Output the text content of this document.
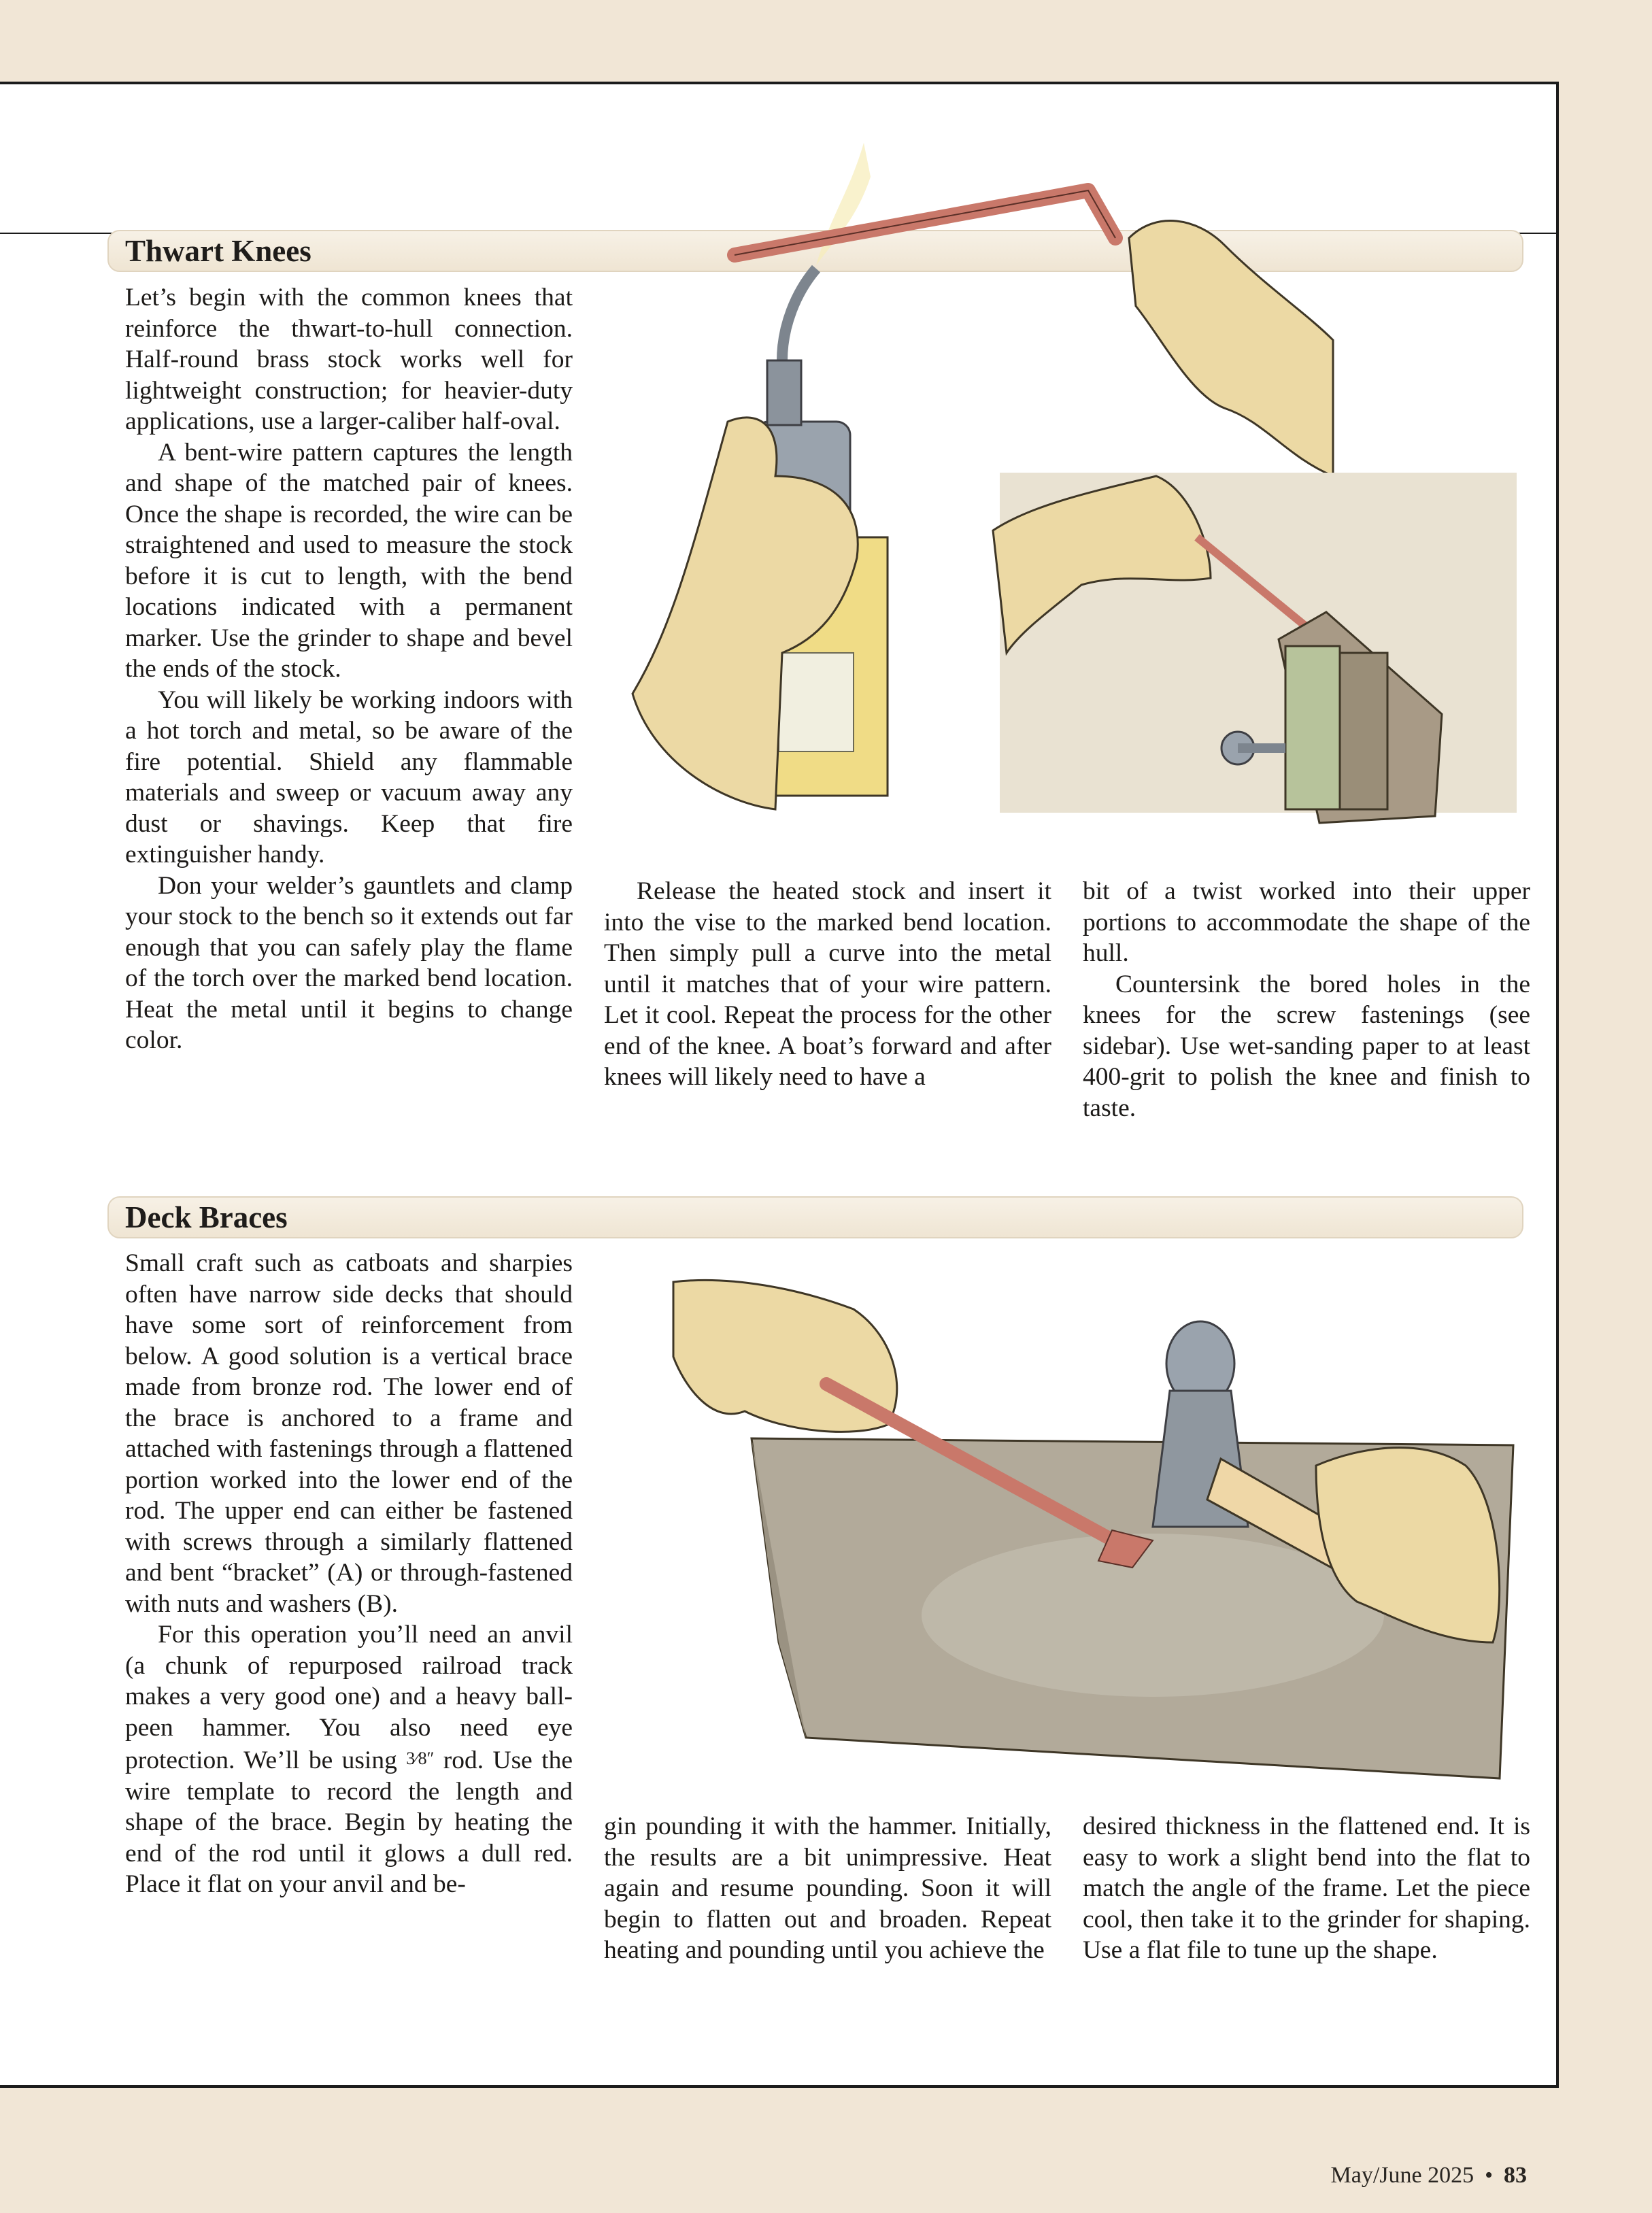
Thwart Knees

Let’s begin with the common knees that reinforce the thwart-to-hull connection. Half-round brass stock works well for lightweight construction; for heavier-duty applications, use a larger-caliber half-oval.

A bent-wire pattern captures the length and shape of the matched pair of knees. Once the shape is recorded, the wire can be straightened and used to measure the stock before it is cut to length, with the bend locations indicated with a permanent marker. Use the grinder to shape and bevel the ends of the stock.

You will likely be working indoors with a hot torch and metal, so be aware of the fire potential. Shield any flammable materials and sweep or vacuum away any dust or shavings. Keep that fire extinguisher handy.

Don your welder’s gauntlets and clamp your stock to the bench so it extends out far enough that you can safely play the flame of the torch over the marked bend location. Heat the metal until it begins to change color.

Release the heated stock and insert it into the vise to the marked bend location. Then simply pull a curve into the metal until it matches that of your wire pattern. Let it cool. Repeat the process for the other end of the knee. A boat’s forward and after knees will likely need to have a

bit of a twist worked into their upper portions to accommodate the shape of the hull.

Countersink the bored holes in the knees for the screw fastenings (see sidebar). Use wet-sanding paper to at least 400-grit to polish the knee and finish to taste.

Deck Braces

Small craft such as catboats and sharpies often have narrow side decks that should have some sort of reinforcement from below. A good solution is a vertical brace made from bronze rod. The lower end of the brace is anchored to a frame and attached with fastenings through a flattened portion worked into the lower end of the rod. The upper end can either be fastened with screws through a similarly flattened and bent “bracket” (A) or through-fastened with nuts and washers (B).

For this operation you’ll need an anvil (a chunk of repurposed railroad track makes a very good one) and a heavy ball-peen hammer. You also need eye protection. We’ll be using 3⁄8″ rod. Use the wire template to record the length and shape of the brace. Begin by heating the end of the rod until it glows a dull red. Place it flat on your anvil and be-

gin pounding it with the hammer. Initially, the results are a bit unimpressive. Heat again and resume pounding. Soon it will begin to flatten out and broaden. Repeat heating and pounding until you achieve the

desired thickness in the flattened end. It is easy to work a slight bend into the flat to match the angle of the frame. Let the piece cool, then take it to the grinder for shaping. Use a flat file to tune up the shape.

May/June 2025 • 83
